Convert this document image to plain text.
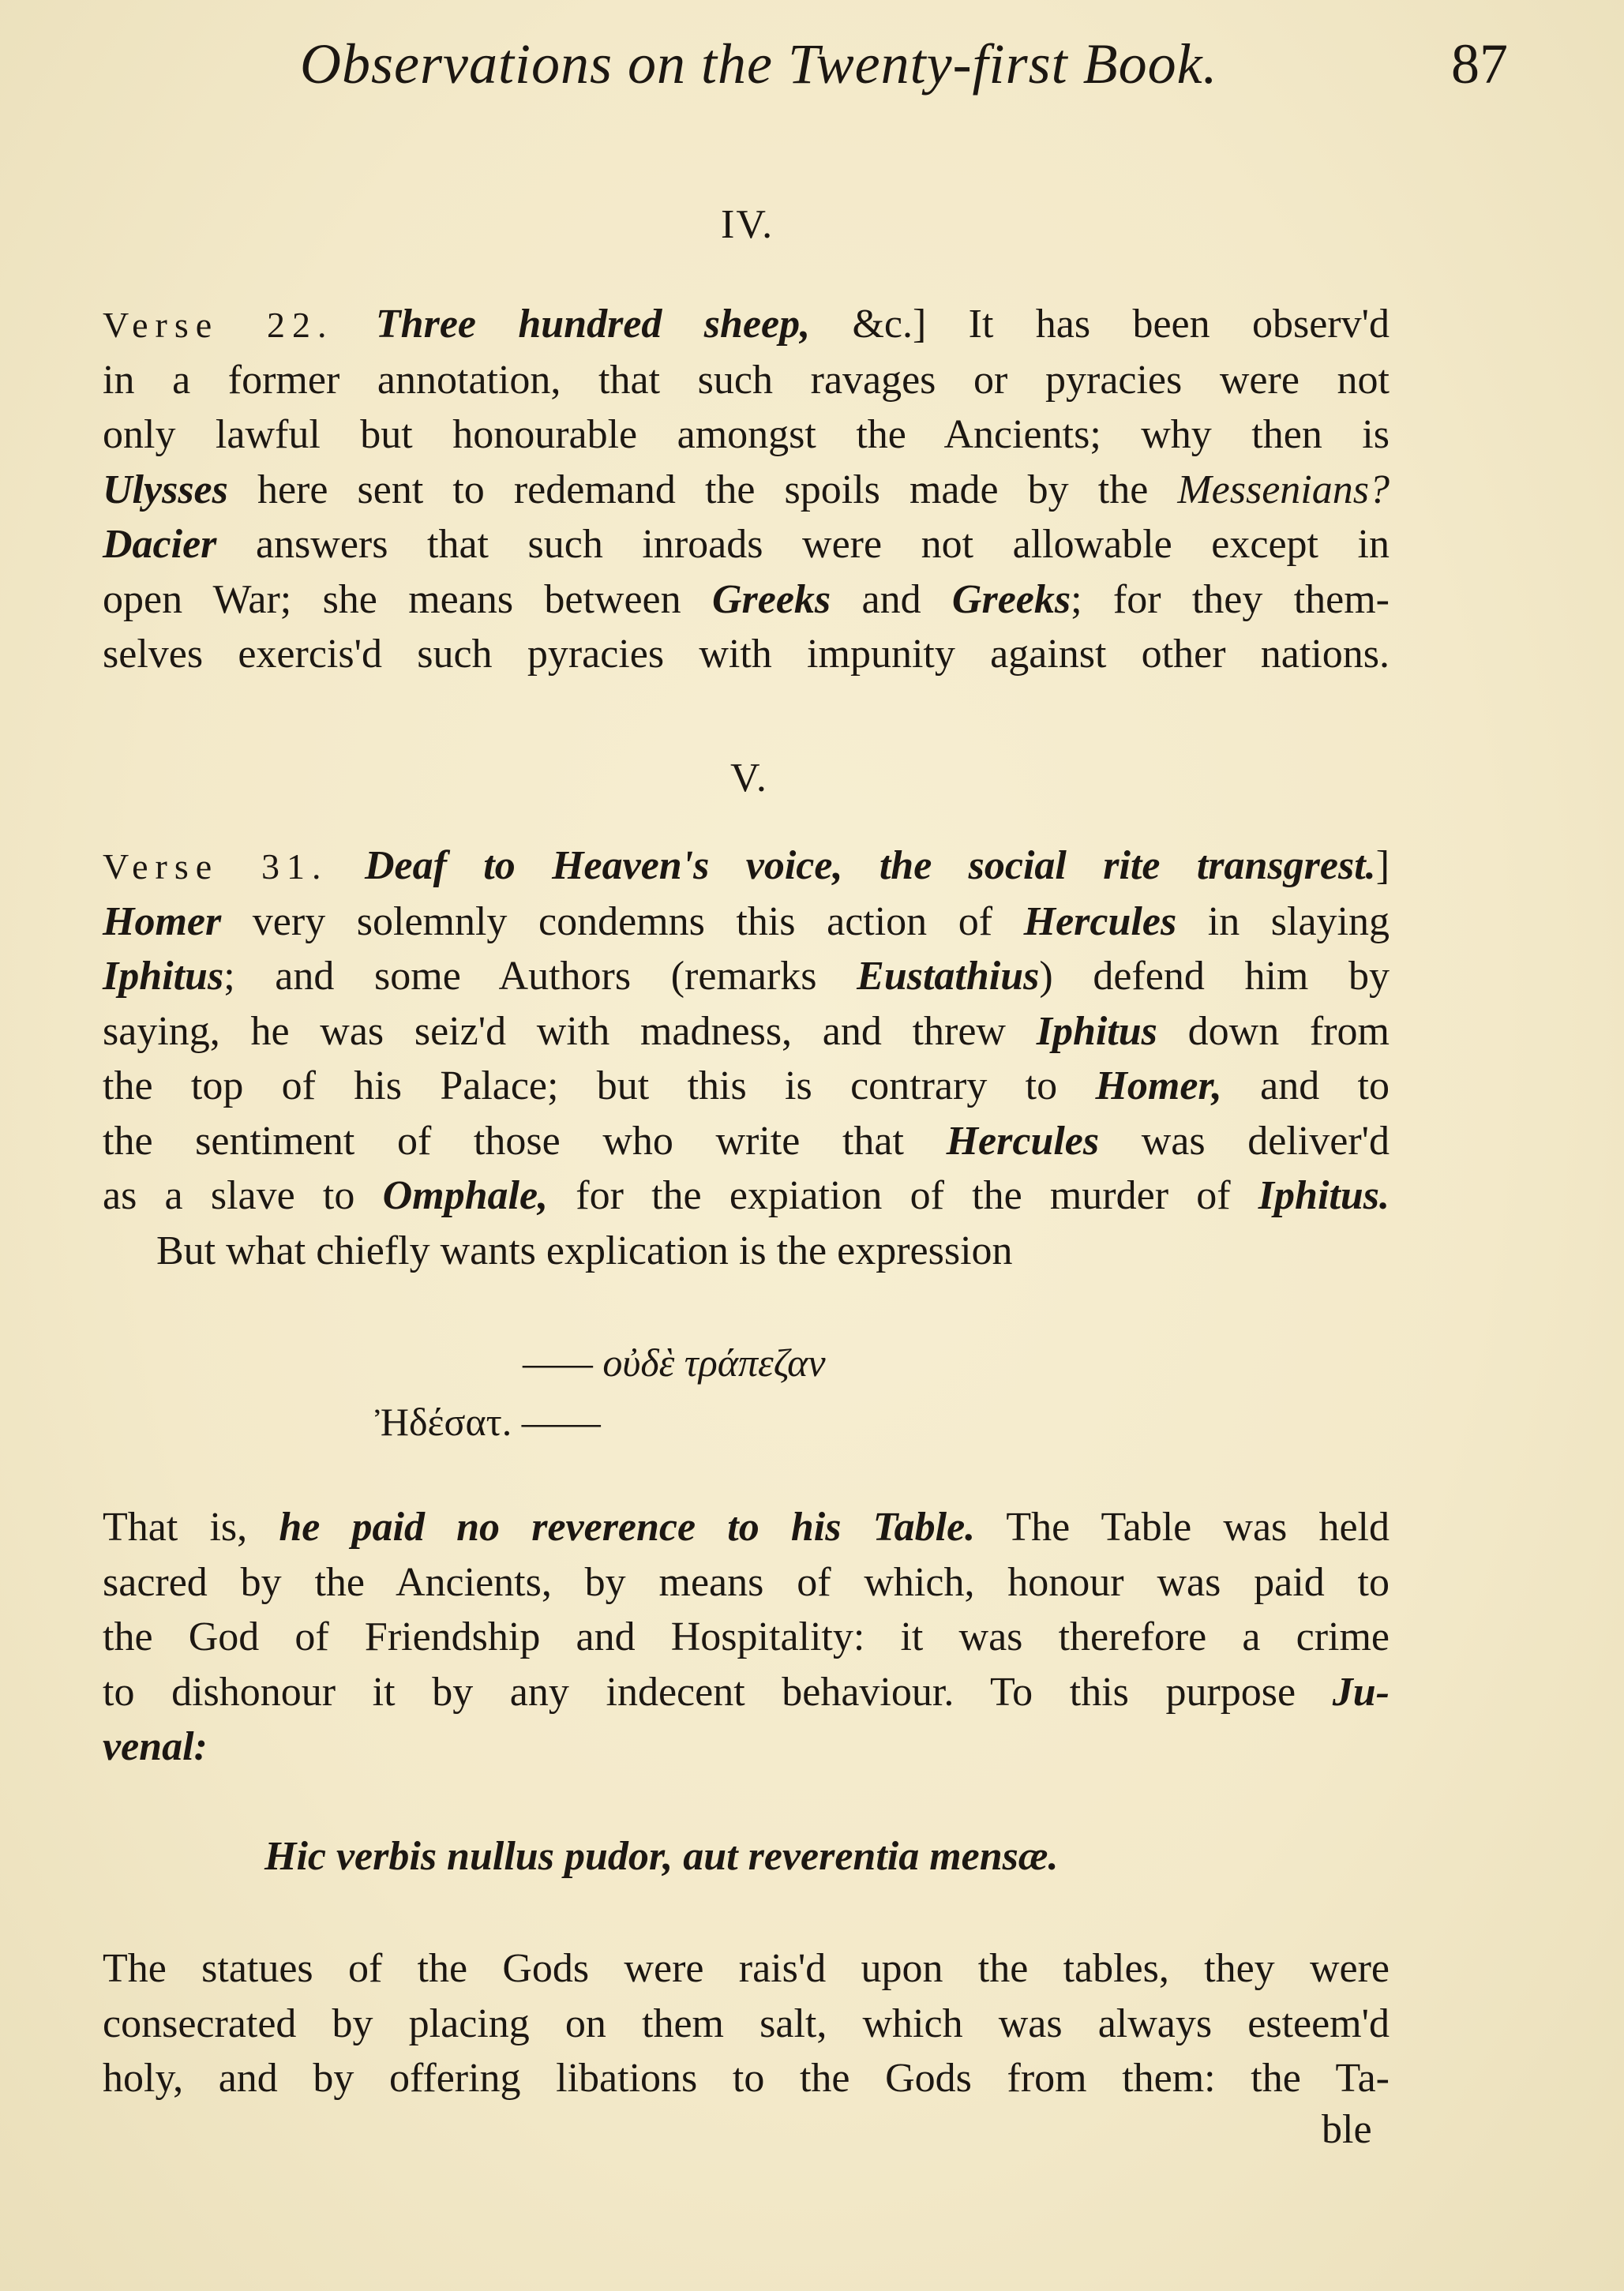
Observations on the Twenty-first Book.	87
IV.
Verse 22. Three hundred sheep, &c.] It has been observ'd
in a former annotation, that such ravages or pyracies were not
only lawful but honourable amongst the Ancients; why then is
Ulysses here sent to redemand the spoils made by the Messenians?
Dacier answers that such inroads were not allowable except in
open War; she means between Greeks and Greeks; for they them-
selves exercis'd such pyracies with impunity against other nations.
V.
Verse 31. Deaf to Heaven's voice, the social rite transgrest.]
Homer very solemnly condemns this action of Hercules in slaying
Iphitus; and some Authors (remarks Eustathius) defend him by
saying, he was seiz'd with madness, and threw Iphitus down from
the top of his Palace; but this is contrary to Homer, and to
the sentiment of those who write that Hercules was deliver'd
as a slave to Omphale, for the expiation of the murder of Iphitus.
But what chiefly wants explication is the expression
—— οὐδὲ τράπεζαν
Ἠδέσατ. ——
That is, he paid no reverence to his Table. The Table was held
sacred by the Ancients, by means of which, honour was paid to
the God of Friendship and Hospitality: it was therefore a crime
to dishonour it by any indecent behaviour. To this purpose Ju-
venal:
Hic verbis nullus pudor, aut reverentia mensæ.
The statues of the Gods were rais'd upon the tables, they were
consecrated by placing on them salt, which was always esteem'd
holy, and by offering libations to the Gods from them: the Ta-
ble
